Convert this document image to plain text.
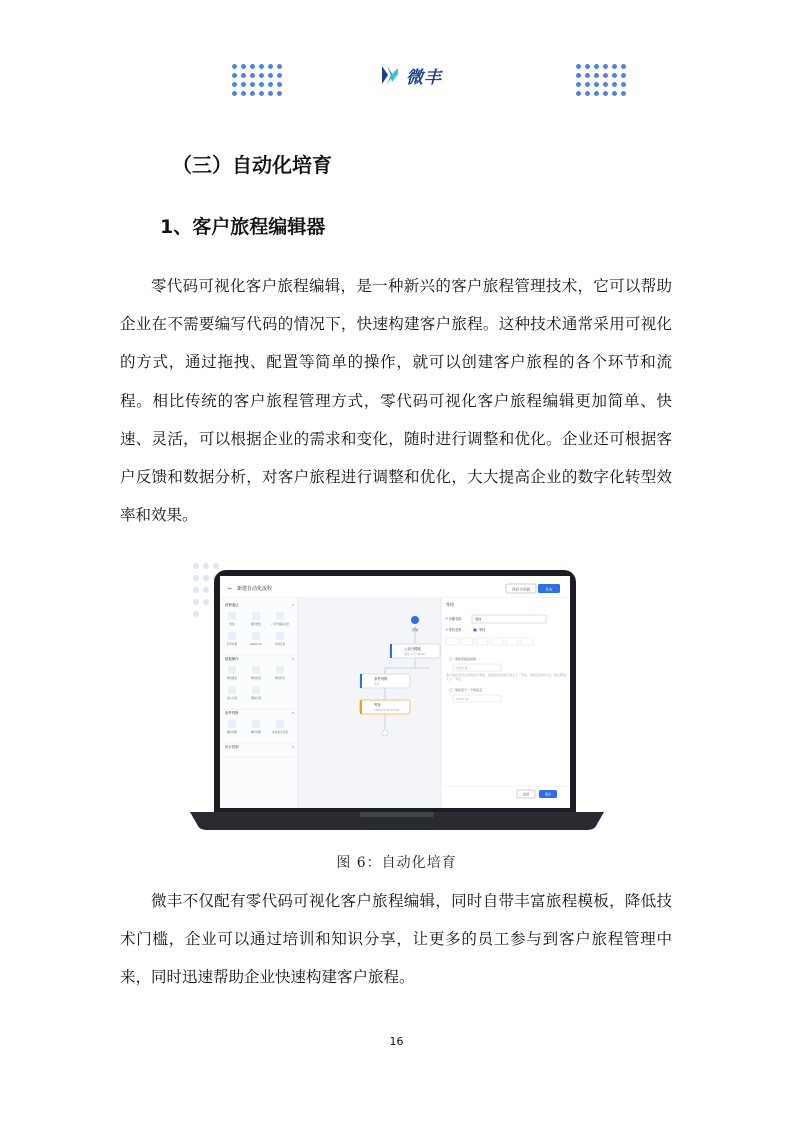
微丰
（三）自动化培育
1、客户旅程编辑器

零代码可视化客户旅程编辑，是一种新兴的客户旅程管理技术，它可以帮助企业在不需要编写代码的情况下，快速构建客户旅程。这种技术通常采用可视化的方式，通过拖拽、配置等简单的操作，就可以创建客户旅程的各个环节和流程。相比传统的客户旅程管理方式，零代码可视化客户旅程编辑更加简单、快速、灵活，可以根据企业的需求和变化，随时进行调整和优化。企业还可根据客户反馈和数据分析，对客户旅程进行调整和优化，大大提高企业的数字化转型效率和效果。

← 新建自动化流程	保存为草稿	发布
营销通达	▾
短信	邮件群发	公众号模板消息
打印机群	Webhook	外呼任务
数据操作	▾
修改属性	修改标签	修改积分
加入分组	移除分组
条件判断	▾
属性判断	事件判断	标签是否有值
执行控制	▾
开始
公众号模板
等待 1 天 00:00
条件判断
条件
等待
2023-10-10 00:00
等待
* 步骤名称：	等待
* 等待类型：	等待
等待至指定时间
选择日期
客户到达该节点后将进入等待，直到指定时间后进入下一节点，如指定时间已过，则立即进入下一节点
等待至下一个特定点
00:00:00
取消	保存
图 6：自动化培育

微丰不仅配有零代码可视化客户旅程编辑，同时自带丰富旅程模板，降低技术门槛，企业可以通过培训和知识分享，让更多的员工参与到客户旅程管理中来，同时迅速帮助企业快速构建客户旅程。

16
